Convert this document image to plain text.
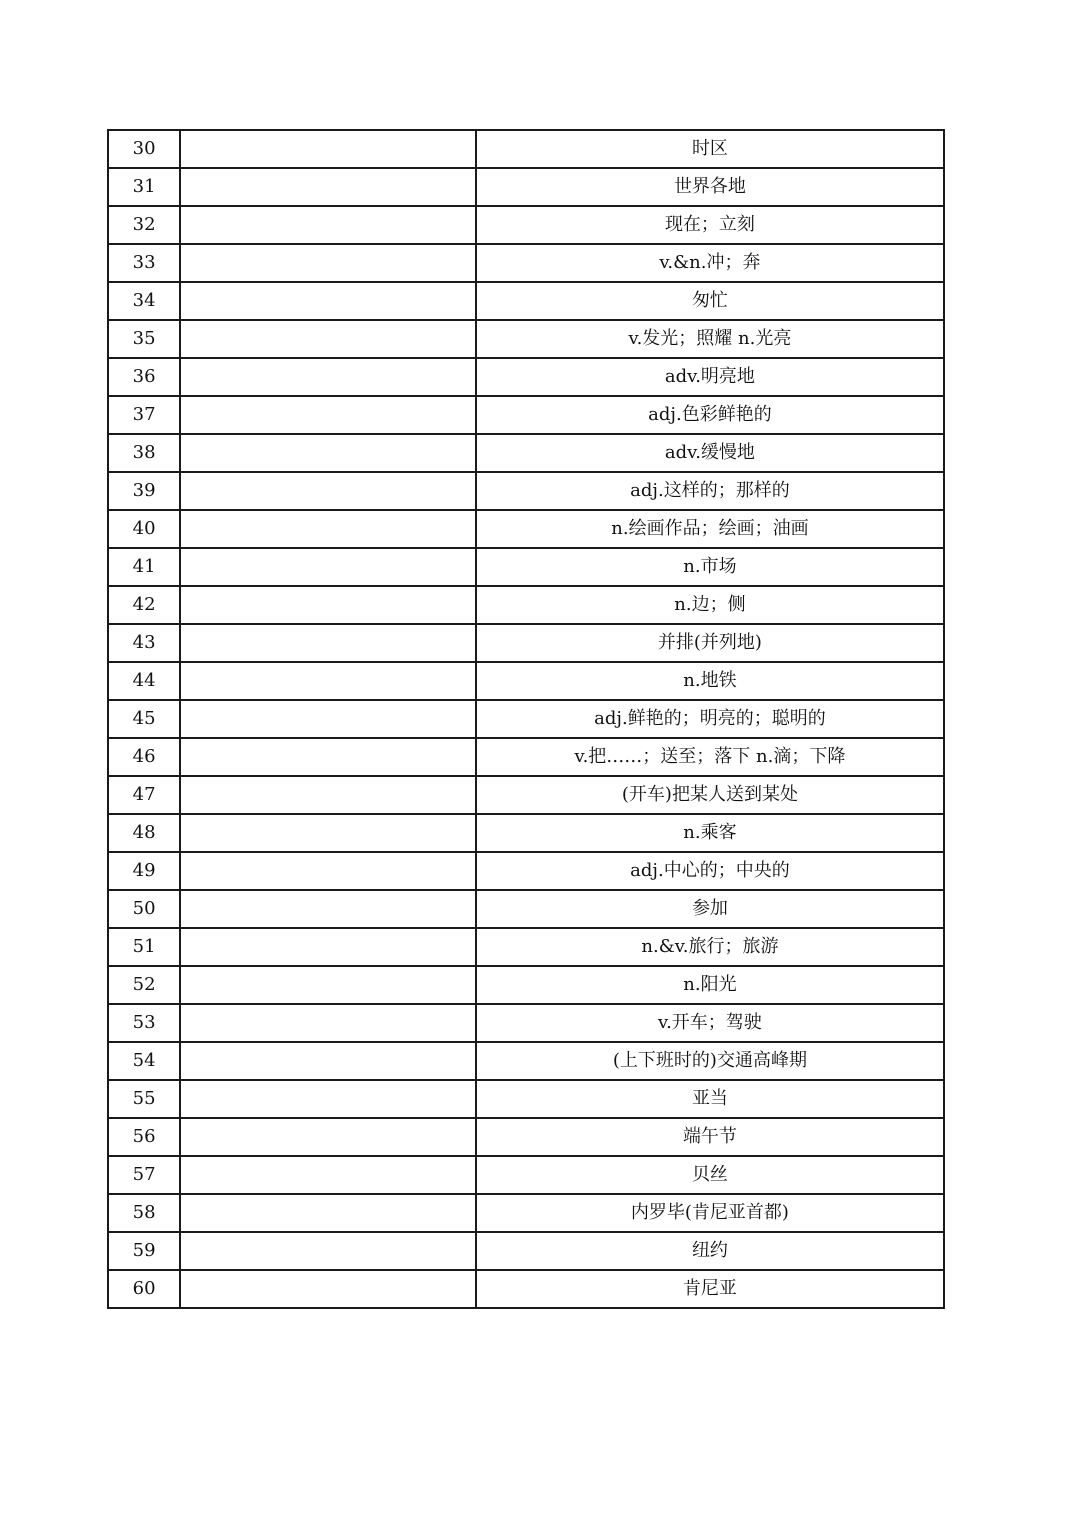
30		时区
31		世界各地
32		现在；立刻
33		v.&n.冲；奔
34		匆忙
35		v.发光；照耀 n.光亮
36		adv.明亮地
37		adj.色彩鲜艳的
38		adv.缓慢地
39		adj.这样的；那样的
40		n.绘画作品；绘画；油画
41		n.市场
42		n.边；侧
43		并排(并列地)
44		n.地铁
45		adj.鲜艳的；明亮的；聪明的
46		v.把……；送至；落下 n.滴；下降
47		(开车)把某人送到某处
48		n.乘客
49		adj.中心的；中央的
50		参加
51		n.&v.旅行；旅游
52		n.阳光
53		v.开车；驾驶
54		(上下班时的)交通高峰期
55		亚当
56		端午节
57		贝丝
58		内罗毕(肯尼亚首都)
59		纽约
60		肯尼亚
